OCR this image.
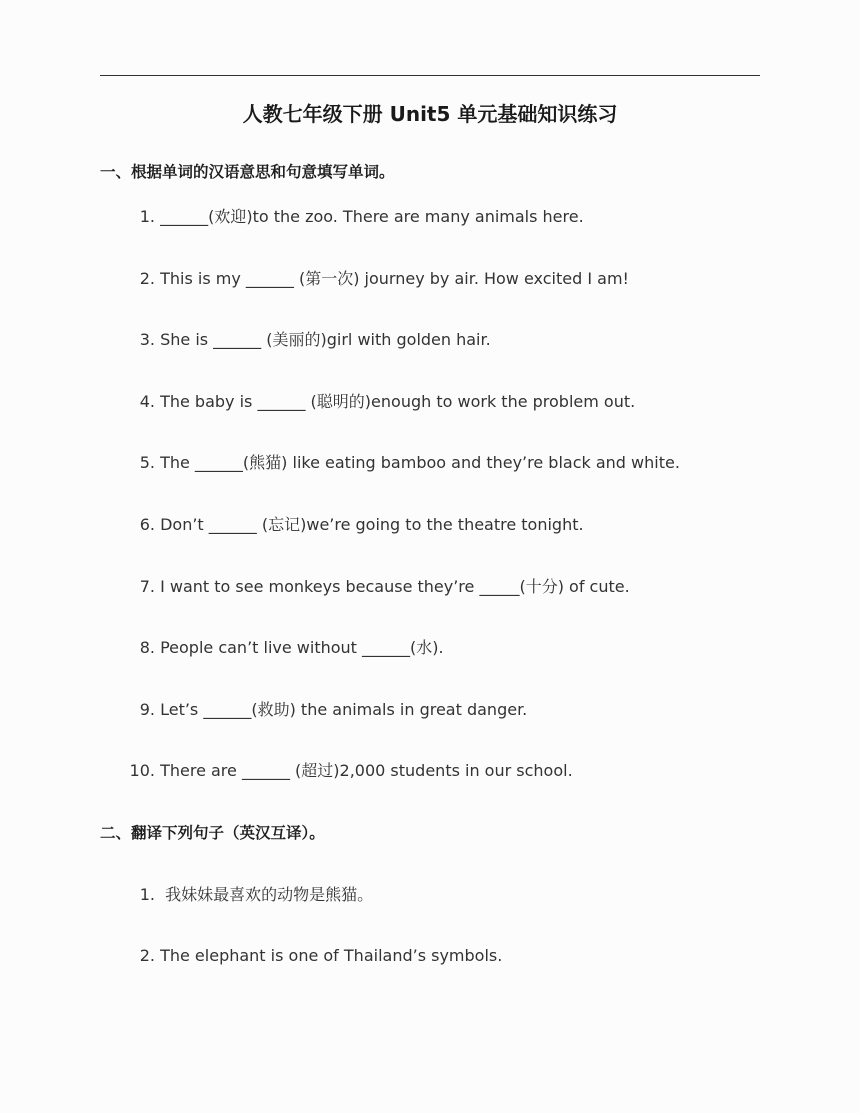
人教七年级下册 Unit5 单元基础知识练习
一、根据单词的汉语意思和句意填写单词。
1. ______(欢迎)to the zoo. There are many animals here.
2. This is my ______ (第一次) journey by air. How excited I am!
3. She is ______ (美丽的)girl with golden hair.
4. The baby is ______ (聪明的)enough to work the problem out.
5. The ______(熊猫) like eating bamboo and they’re black and white.
6. Don’t ______ (忘记)we’re going to the theatre tonight.
7. I want to see monkeys because they’re _____(十分) of cute.
8. People can’t live without ______(水).
9. Let’s ______(救助) the animals in great danger.
10. There are ______ (超过)2,000 students in our school.
二、翻译下列句子（英汉互译）。
1. 我妹妹最喜欢的动物是熊猫。
2. The elephant is one of Thailand’s symbols.
